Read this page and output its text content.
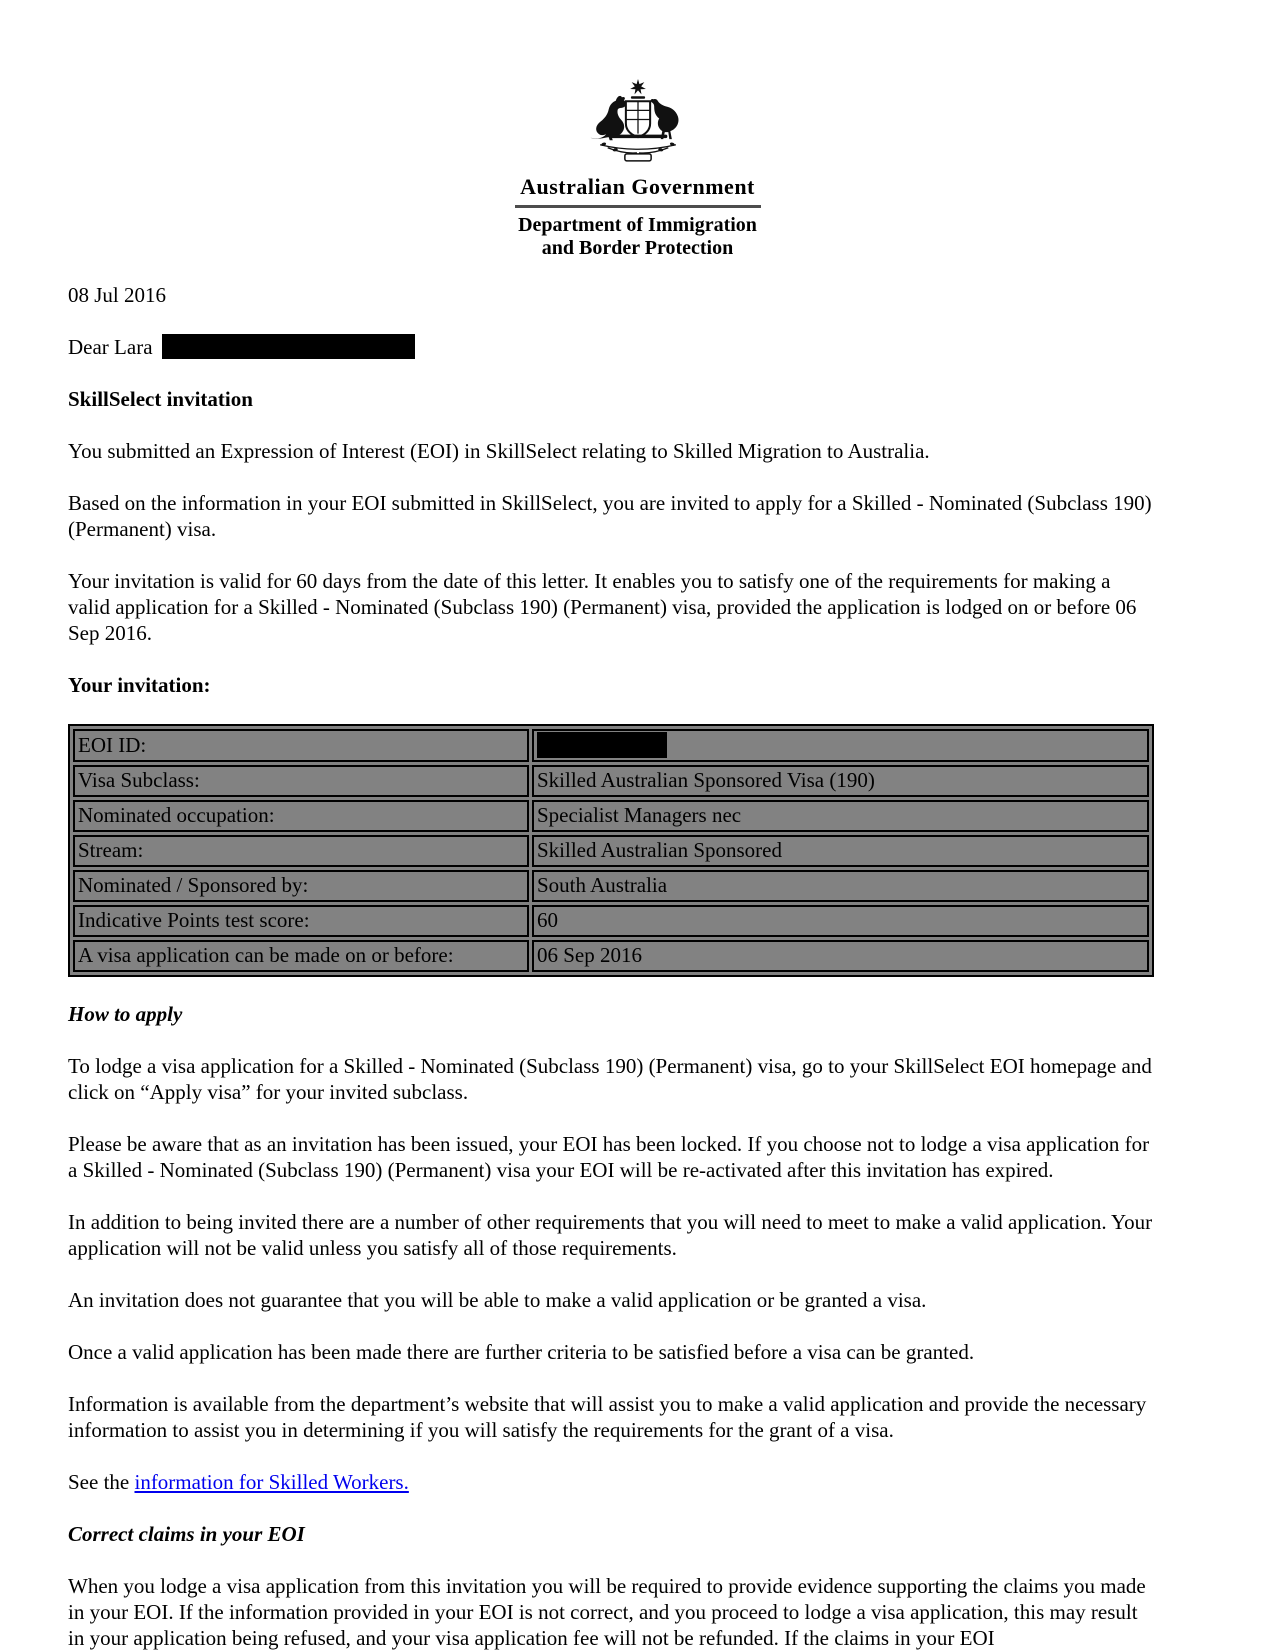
Australian Government
Department of Immigration
and Border Protection

08 Jul 2016

Dear Lara

SkillSelect invitation

You submitted an Expression of Interest (EOI) in SkillSelect relating to Skilled Migration to Australia.

Based on the information in your EOI submitted in SkillSelect, you are invited to apply for a Skilled - Nominated (Subclass 190) (Permanent) visa.

Your invitation is valid for 60 days from the date of this letter. It enables you to satisfy one of the requirements for making a valid application for a Skilled - Nominated (Subclass 190) (Permanent) visa, provided the application is lodged on or before 06 Sep 2016.

Your invitation:

EOI ID:	

Visa Subclass:	Skilled Australian Sponsored Visa (190)
Nominated occupation:	Specialist Managers nec
Stream:	Skilled Australian Sponsored
Nominated / Sponsored by:	South Australia
Indicative Points test score:	60
A visa application can be made on or before:	06 Sep 2016

How to apply

To lodge a visa application for a Skilled - Nominated (Subclass 190) (Permanent) visa, go to your SkillSelect EOI homepage and click on “Apply visa” for your invited subclass.

Please be aware that as an invitation has been issued, your EOI has been locked. If you choose not to lodge a visa application for a Skilled - Nominated (Subclass 190) (Permanent) visa your EOI will be re-activated after this invitation has expired.

In addition to being invited there are a number of other requirements that you will need to meet to make a valid application. Your application will not be valid unless you satisfy all of those requirements.

An invitation does not guarantee that you will be able to make a valid application or be granted a visa.

Once a valid application has been made there are further criteria to be satisfied before a visa can be granted.

Information is available from the department’s website that will assist you to make a valid application and provide the necessary information to assist you in determining if you will satisfy the requirements for the grant of a visa.

See the information for Skilled Workers.

Correct claims in your EOI

When you lodge a visa application from this invitation you will be required to provide evidence supporting the claims you made in your EOI. If the information provided in your EOI is not correct, and you proceed to lodge a visa application, this may result in your application being refused, and your visa application fee will not be refunded. If the claims in your EOI
